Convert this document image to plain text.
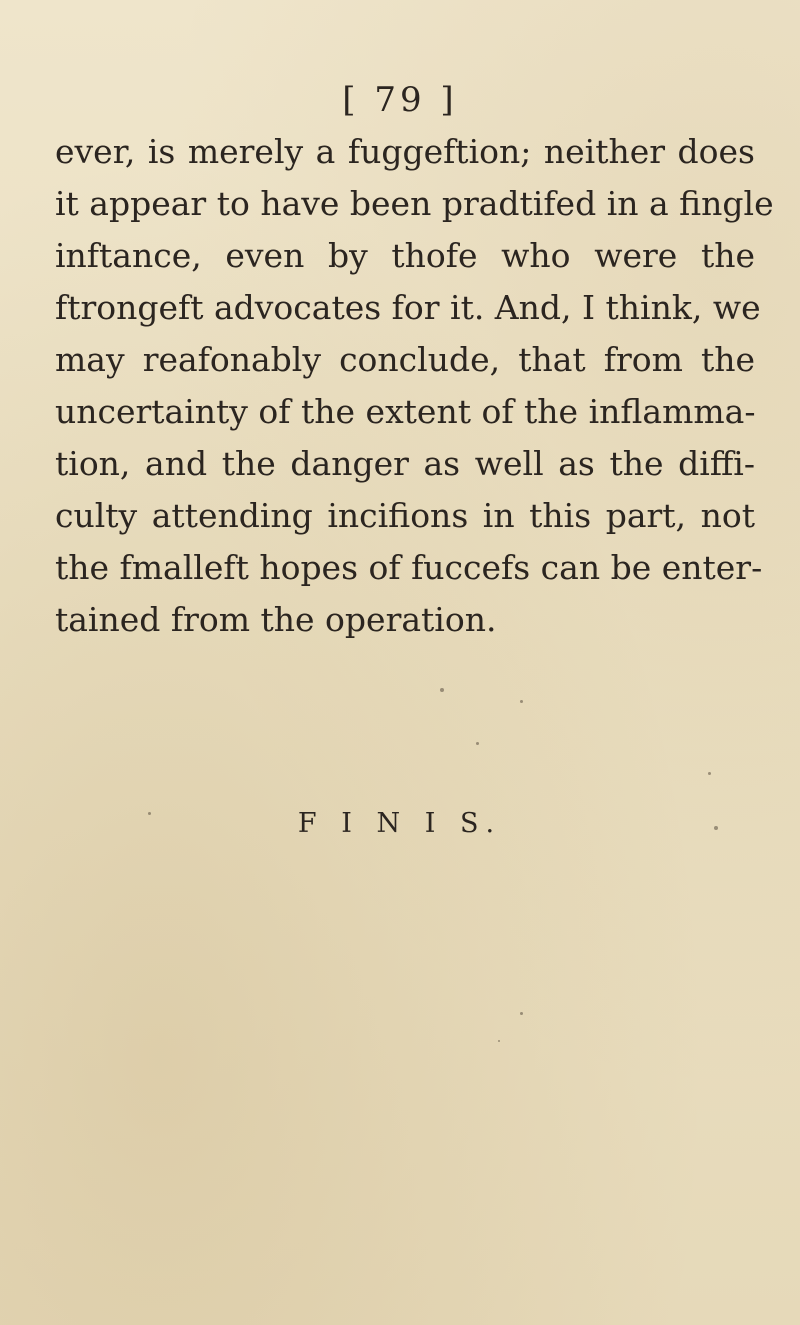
[ 79 ]
ever, is merely a fuggeftion; neither does
it appear to have been pradtifed in a fingle
inftance, even by thofe who were the
ftrongeft advocates for it. And, I think, we
may reafonably conclude, that from the
uncertainty of the extent of the inflamma-
tion, and the danger as well as the diffi-
culty attending incifions in this part, not
the fmalleft hopes of fuccefs can be enter-
tained from the operation.
F I N I S.
